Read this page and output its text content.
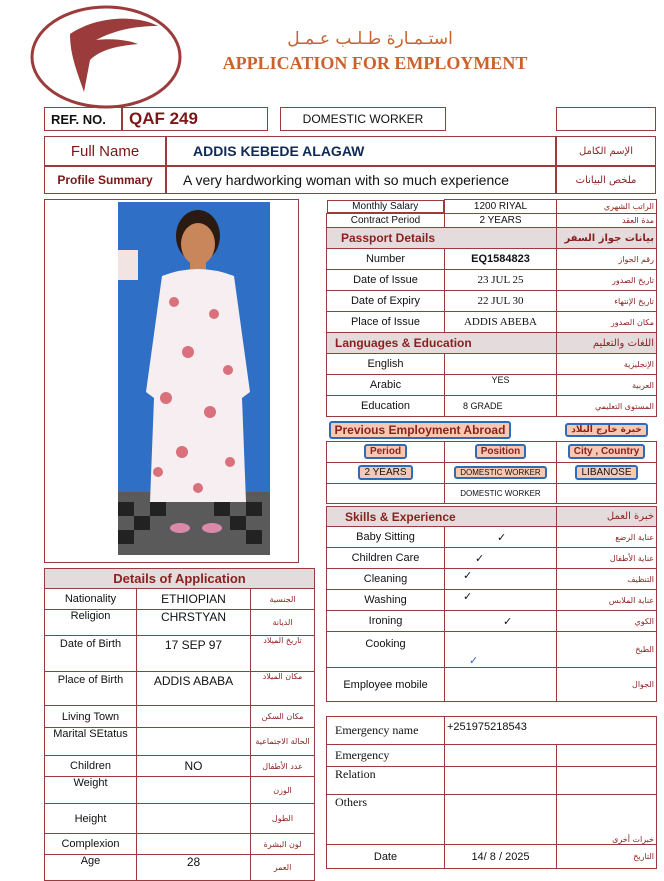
استـمـارة طـلـب عـمـل
APPLICATION FOR EMPLOYMENT
REF. NO. QAF 249	DOMESTIC WORKER
Full Name	ADDIS KEBEDE ALAGAW	الإسم الكامل
Profile Summary A very hardworking woman with so much experience	ملخص البيانات
Monthly Salary	1200 RIYAL	الراتب الشهري
Contract Period	2 YEARS	مدة العقد
Passport Details		بيانات جواز السفر
Number	EQ1584823	رقم الجواز
Date of Issue	23 JUL 25	تاريخ الصدور
Date of Expiry	22 JUL 30	تاريخ الإنتهاء
Place of Issue	ADDIS ABEBA	مكان الصدور
Languages & Education		اللغات والتعليم
English		الإنجليزية
Arabic	YES	العربية
Education	8 GRADE	المستوى التعليمي
Previous Employment Abroad		خبرة خارج البلاد
Period	Position	City , Country
2 YEARS	DOMESTIC WORKER	LIBANOSE
	DOMESTIC WORKER	
Skills & Experience		خبرة العمل
Baby Sitting	✓	عناية الرضع
Children Care	✓	عناية الأطفال
Cleaning	✓	التنظيف
Washing	✓	عناية الملابس
Ironing	✓	الكوي
Cooking	✓	الطبخ
Employee mobile		الجوال
Emergency name	+251975218543	
Emergency		
Relation		
Others		خبرات أخرى
Date	14/ 8 / 2025	التاريخ
Details of Application		
Nationality	ETHIOPIAN	الجنسية
Religion	CHRSTYAN	الديانة
Date of Birth	17 SEP 97	تاريخ الميلاد
Place of Birth	ADDIS ABABA	مكان الميلاد
Living Town		مكان السكن
Marital SEtatus		الحالة الاجتماعية
Children	NO	عدد الأطفال
Weight		الوزن
Height		الطول
Complexion		لون البشرة
Age	28	العمر
